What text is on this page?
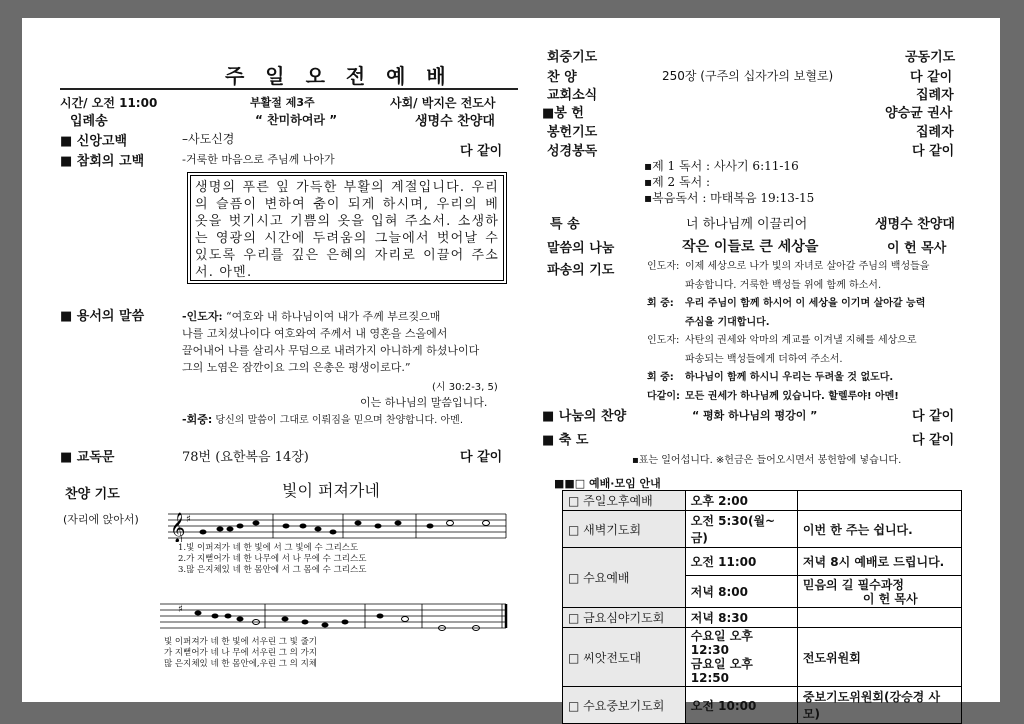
주 일 오 전 예 배
시간/ 오전 11:00	부활절 제3주	사회/ 박지은 전도사
입례송	“ 찬미하여라 ”	생명수 찬양대
■ 신앙고백	–사도신경
■ 참회의 고백	-거룩한 마음으로 주님께 나아가
다 같이
생명의 푸른 잎 가득한 부활의 계절입니다. 우리의 슬픔이 변하여 춤이 되게 하시며, 우리의 베옷을 벗기시고 기쁨의 옷을 입혀 주소서. 소생하는 영광의 시간에 두려움의 그늘에서 벗어날 수 있도록 우리를 깊은 은혜의 자리로 이끌어 주소서. 아멘.
■ 용서의 말씀	-인도자: “여호와 내 하나님이여 내가 주께 부르짖으매
나를 고치셨나이다 여호와여 주께서 내 영혼을 스올에서
끌어내어 나를 살리사 무덤으로 내려가지 아니하게 하셨나이다
그의 노염은 잠깐이요 그의 은총은 평생이로다.”
(시 30:2-3, 5)
이는 하나님의 말씀입니다.
-회중: 당신의 말씀이 그대로 이뤄짐을 믿으며 찬양합니다. 아멘.
■ 교독문	78번 (요한복음 14장)	다 같이
찬양 기도
(자리에 앉아서)
빛이 퍼져가네
𝄞 ♯
1.빛 이퍼져가 네 한 빛에 서 그 빛에 수 그리스도
2.가 지뻗어가 네 한 나무에 서 나 무에 수 그리스도
3.많 은지체있 네 한 몸안에 서 그 몸에 수 그리스도
♯
빛 이퍼져가 네 한 빛에 서우린 그 빛 줄기
가 지뻗어가 네 나 무에 서우린 그 의 가지
많 은지체있 네 한 몸안에,우린 그 의 지체
회중기도	공동기도
찬 양	250장 (구주의 십자가의 보혈로)	다 같이
교회소식	집례자
■봉 헌	양승균 권사
봉헌기도	집례자
성경봉독	다 같이
▪제 1 독서 : 사사기 6:11-16
▪제 2 독서 :
▪복음독서 : 마태복음 19:13-15
특 송	너 하나님께 이끌리어	생명수 찬양대
말씀의 나눔	작은 이들로 큰 세상을	이 헌 목사
파송의 기도	인도자: 이제 세상으로 나가 빛의 자녀로 살아갈 주님의 백성들을
파송합니다. 거룩한 백성들 위에 함께 하소서.
회 중: 우리 주님이 함께 하시어 이 세상을 이기며 살아갈 능력
주심을 기대합니다.
인도자: 사탄의 권세와 악마의 계교를 이겨낼 지혜를 세상으로
파송되는 백성들에게 더하여 주소서.
회 중: 하나님이 함께 하시니 우리는 두려울 것 없도다.
다같이: 모든 권세가 하나님께 있습니다. 할렐루야! 아멘!
■ 나눔의 찬양	“ 평화 하나님의 평강이 ”	다 같이
■ 축 도	다 같이
▪표는 일어섭니다. ※헌금은 들어오시면서 봉헌함에 넣습니다.
■■□ 예배·모임 안내
□ 주일오후예배	오후 2:00	
□ 새벽기도회	오전 5:30(월~금)	이번 한 주는 쉽니다.
□ 수요예배	오전 11:00	저녁 8시 예배로 드립니다.
	저녁 8:00	믿음의 길 필수과정
이 헌 목사

□ 금요심야기도회	저녁 8:30	
□ 씨앗전도대	수요일 오후 12:30
금요일 오후 12:50	전도위원회
□ 수요중보기도회	오전 10:00	중보기도위원회(강승경 사모)
